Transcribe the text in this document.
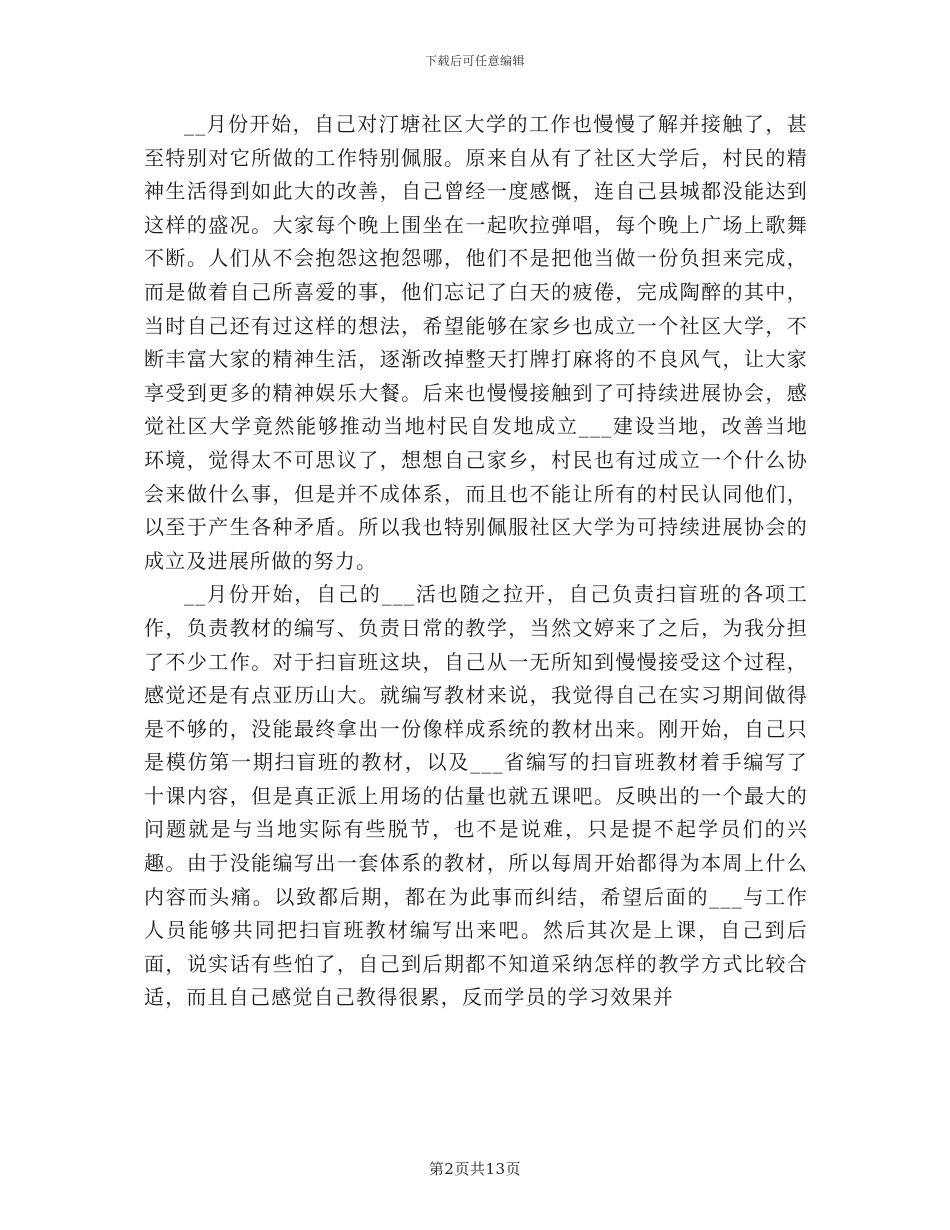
下载后可任意编辑

__月份开始，自己对汀塘社区大学的工作也慢慢了解并接触了，甚至特别对它所做的工作特别佩服。原来自从有了社区大学后，村民的精神生活得到如此大的改善，自己曾经一度感慨，连自己县城都没能达到这样的盛况。大家每个晚上围坐在一起吹拉弹唱，每个晚上广场上歌舞不断。人们从不会抱怨这抱怨哪，他们不是把他当做一份负担来完成，而是做着自己所喜爱的事，他们忘记了白天的疲倦，完成陶醉的其中，当时自己还有过这样的想法，希望能够在家乡也成立一个社区大学，不断丰富大家的精神生活，逐渐改掉整天打牌打麻将的不良风气，让大家享受到更多的精神娱乐大餐。后来也慢慢接触到了可持续进展协会，感觉社区大学竟然能够推动当地村民自发地成立___建设当地，改善当地环境，觉得太不可思议了，想想自己家乡，村民也有过成立一个什么协会来做什么事，但是并不成体系，而且也不能让所有的村民认同他们，以至于产生各种矛盾。所以我也特别佩服社区大学为可持续进展协会的成立及进展所做的努力。

__月份开始，自己的___活也随之拉开，自己负责扫盲班的各项工作，负责教材的编写、负责日常的教学，当然文婷来了之后，为我分担了不少工作。对于扫盲班这块，自己从一无所知到慢慢接受这个过程，感觉还是有点亚历山大。就编写教材来说，我觉得自己在实习期间做得是不够的，没能最终拿出一份像样成系统的教材出来。刚开始，自己只是模仿第一期扫盲班的教材，以及___省编写的扫盲班教材着手编写了十课内容，但是真正派上用场的估量也就五课吧。反映出的一个最大的问题就是与当地实际有些脱节，也不是说难，只是提不起学员们的兴趣。由于没能编写出一套体系的教材，所以每周开始都得为本周上什么内容而头痛。以致都后期，都在为此事而纠结，希望后面的___与工作人员能够共同把扫盲班教材编写出来吧。然后其次是上课，自己到后面，说实话有些怕了，自己到后期都不知道采纳怎样的教学方式比较合适，而且自己感觉自己教得很累，反而学员的学习效果并

第2页共13页
